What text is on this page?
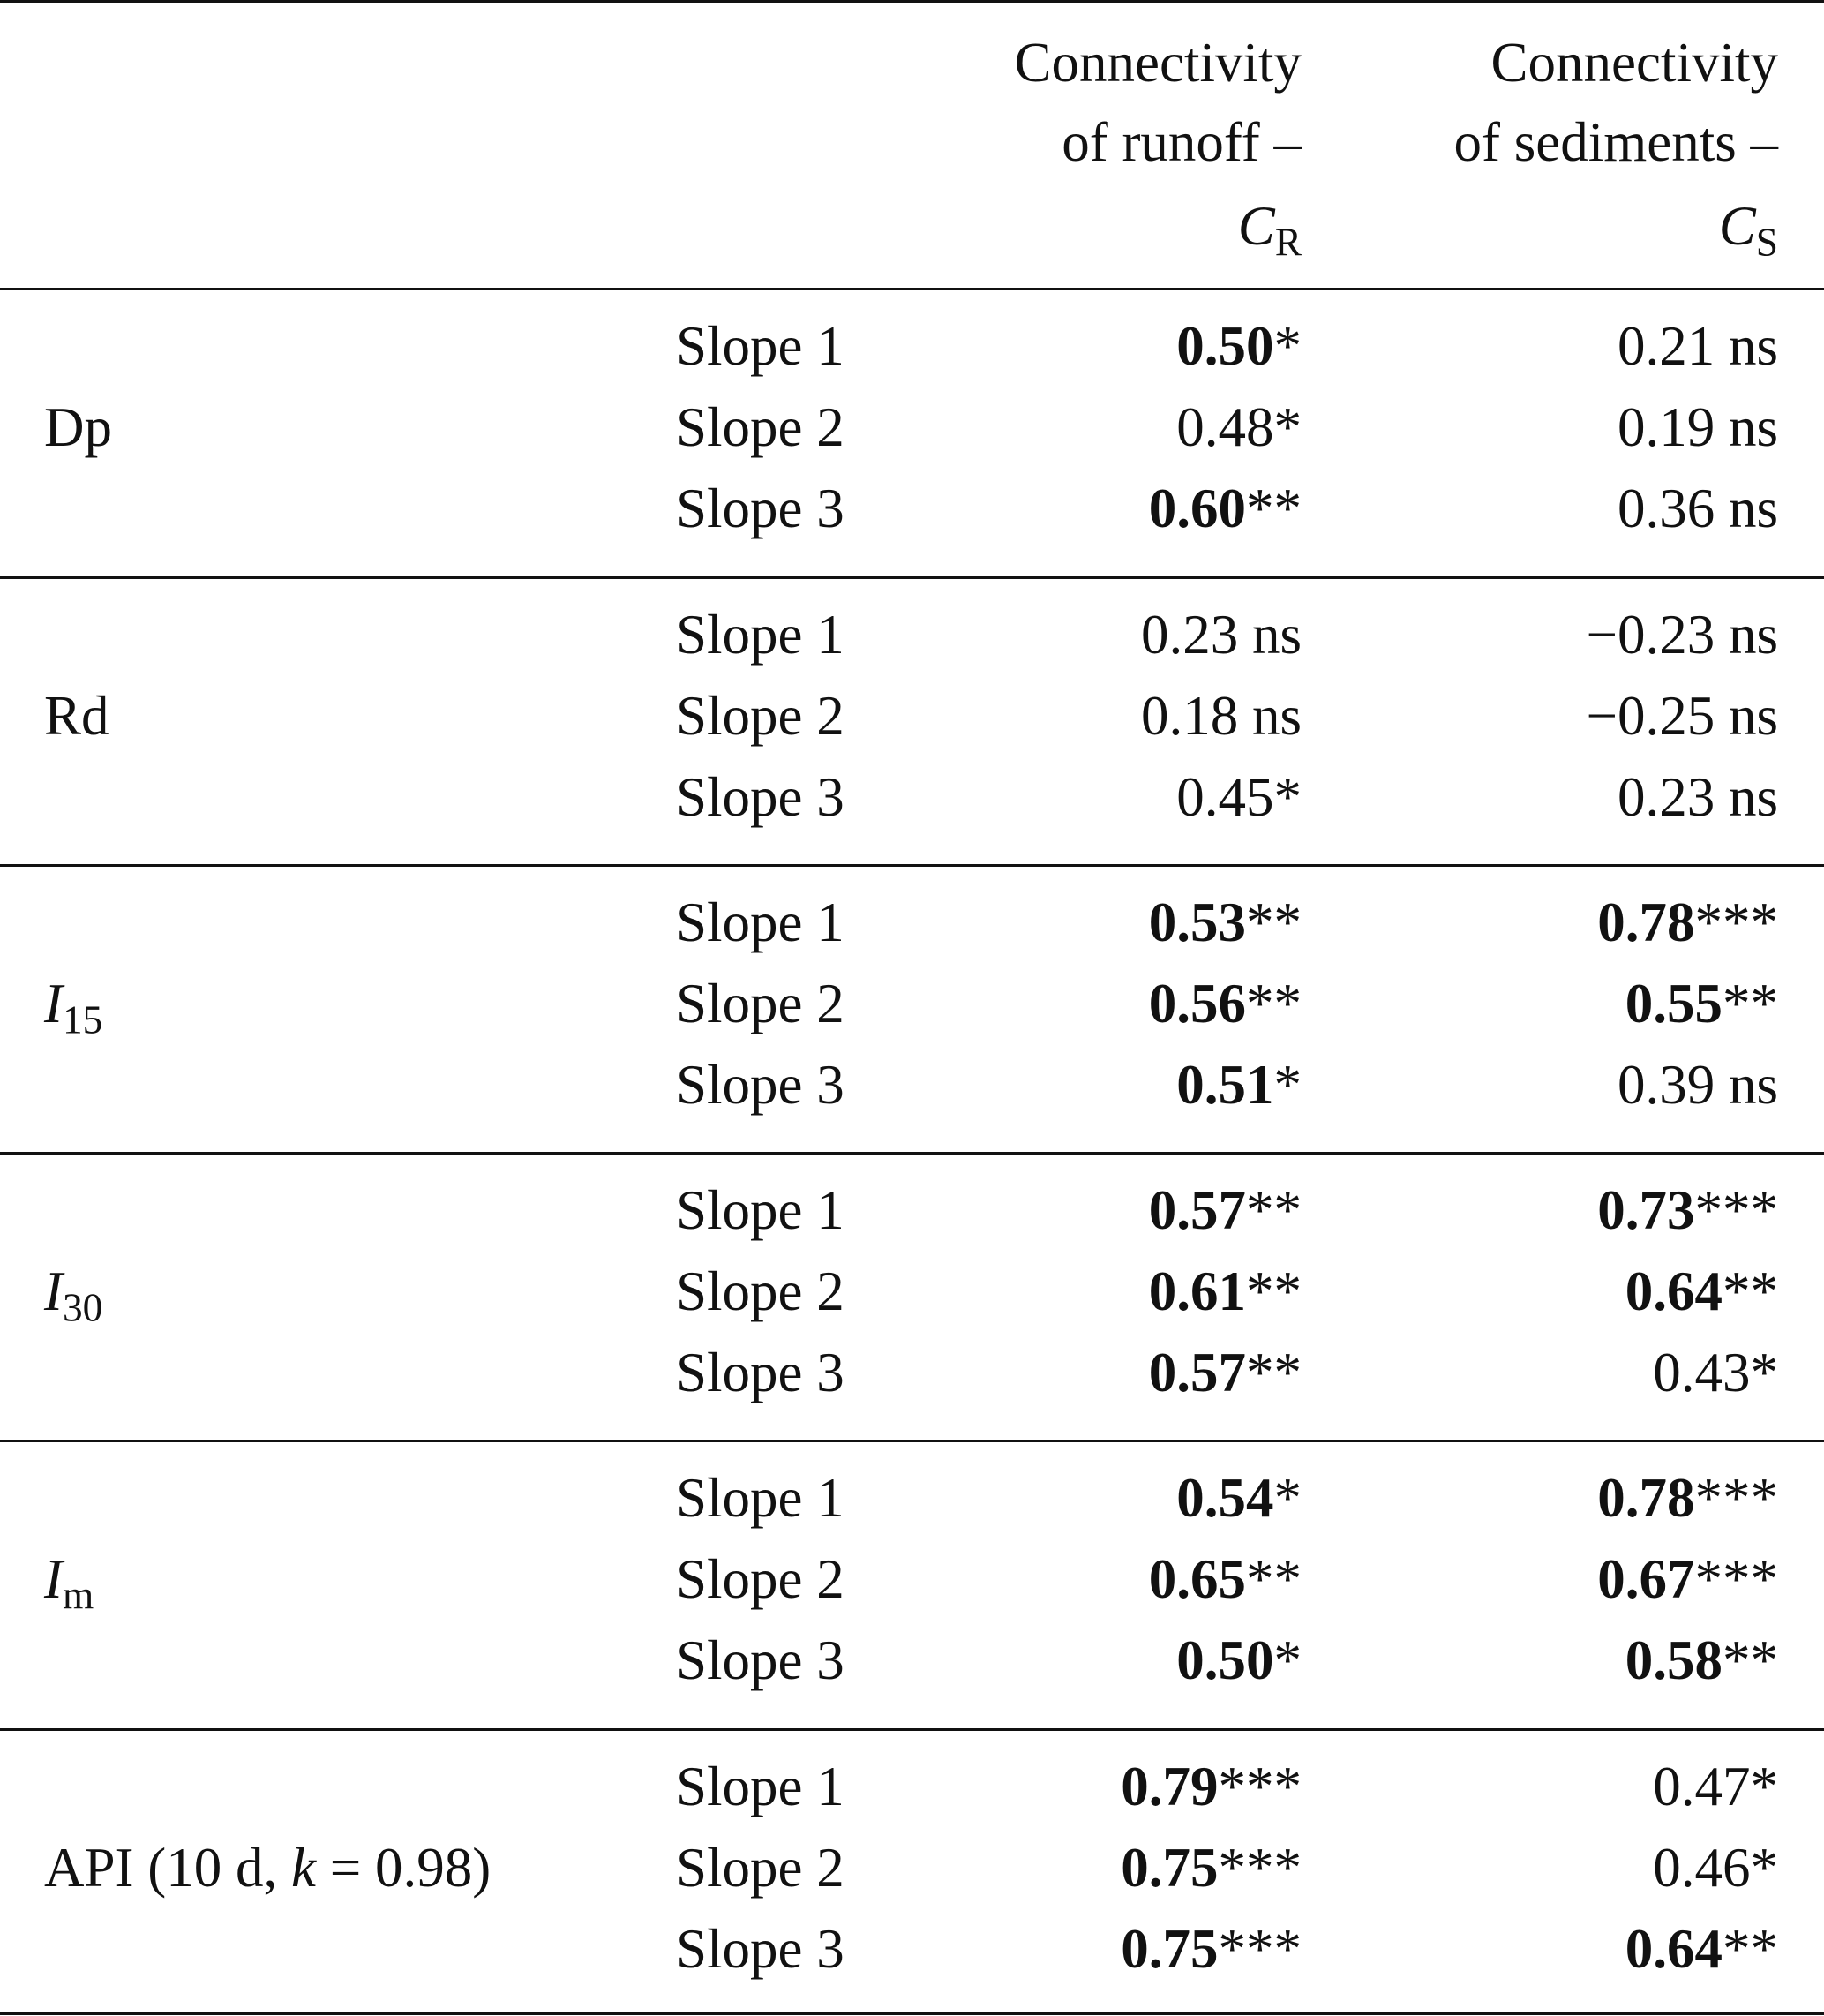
Connectivity
of runoff –
$C_R$
Connectivity
of sediments –
$C_S$
Dp
Slope 1	0.50*	0.21 ns
Slope 2	0.48*	0.19 ns
Slope 3	0.60**	0.36 ns
Rd
Slope 1	0.23 ns	−0.23 ns
Slope 2	0.18 ns	−0.25 ns
Slope 3	0.45*	0.23 ns
$I_{15}$
Slope 1	0.53**	0.78***
Slope 2	0.56**	0.55**
Slope 3	0.51*	0.39 ns
$I_{30}$
Slope 1	0.57**	0.73***
Slope 2	0.61**	0.64**
Slope 3	0.57**	0.43*
$I_m$
Slope 1	0.54*	0.78***
Slope 2	0.65**	0.67***
Slope 3	0.50*	0.58**
API (10 d, k = 0.98)
Slope 1	0.79***	0.47*
Slope 2	0.75***	0.46*
Slope 3	0.75***	0.64**
